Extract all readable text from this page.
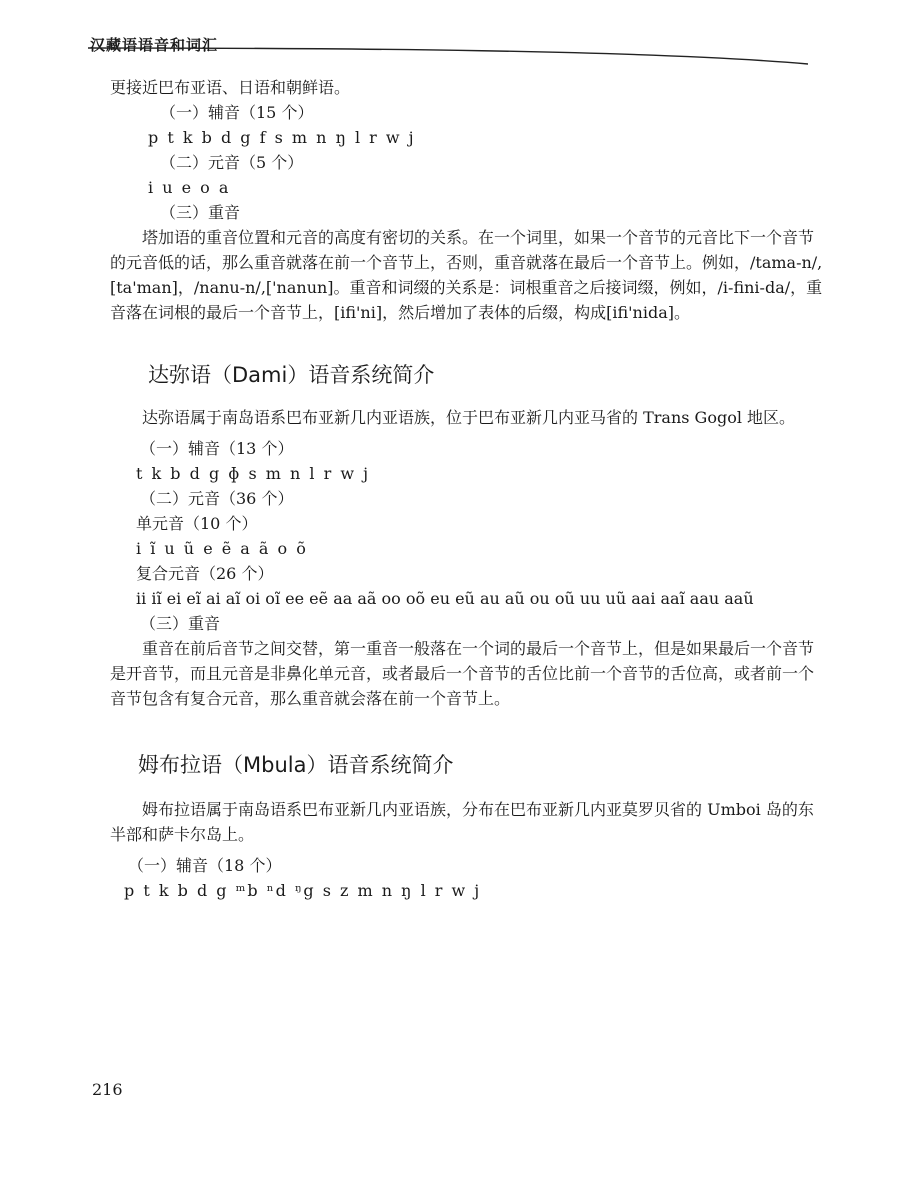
汉藏语语音和词汇
更接近巴布亚语、日语和朝鲜语。
（一）辅音（15 个）
p t k b d g f s m n ŋ l r w j
（二）元音（5 个）
i u e o a
（三）重音
塔加语的重音位置和元音的高度有密切的关系。在一个词里，如果一个音节的元音比下一个音节的元音低的话，那么重音就落在前一个音节上，否则，重音就落在最后一个音节上。例如，/tama-n/,[ta'man]，/nanu-n/,['nanun]。重音和词缀的关系是：词根重音之后接词缀，例如，/i-fini-da/，重音落在词根的最后一个音节上，[ifi'ni]，然后增加了表体的后缀，构成[ifi'nida]。
达弥语（Dami）语音系统简介
达弥语属于南岛语系巴布亚新几内亚语族，位于巴布亚新几内亚马省的 Trans Gogol 地区。
（一）辅音（13 个）
t k b d g ɸ s m n l r w j
（二）元音（36 个）
单元音（10 个）
i ĩ u ũ e ẽ a ã o õ
复合元音（26 个）
ii iĩ ei eĩ ai aĩ oi oĩ ee eẽ aa aã oo oõ eu eũ au aũ ou oũ uu uũ aai aaĩ aau aaũ
（三）重音
重音在前后音节之间交替，第一重音一般落在一个词的最后一个音节上，但是如果最后一个音节是开音节，而且元音是非鼻化单元音，或者最后一个音节的舌位比前一个音节的舌位高，或者前一个音节包含有复合元音，那么重音就会落在前一个音节上。
姆布拉语（Mbula）语音系统简介
姆布拉语属于南岛语系巴布亚新几内亚语族，分布在巴布亚新几内亚莫罗贝省的 Umboi 岛的东半部和萨卡尔岛上。
（一）辅音（18 个）
p t k b d g ᵐb ⁿd ᵑg s z m n ŋ l r w j
216
